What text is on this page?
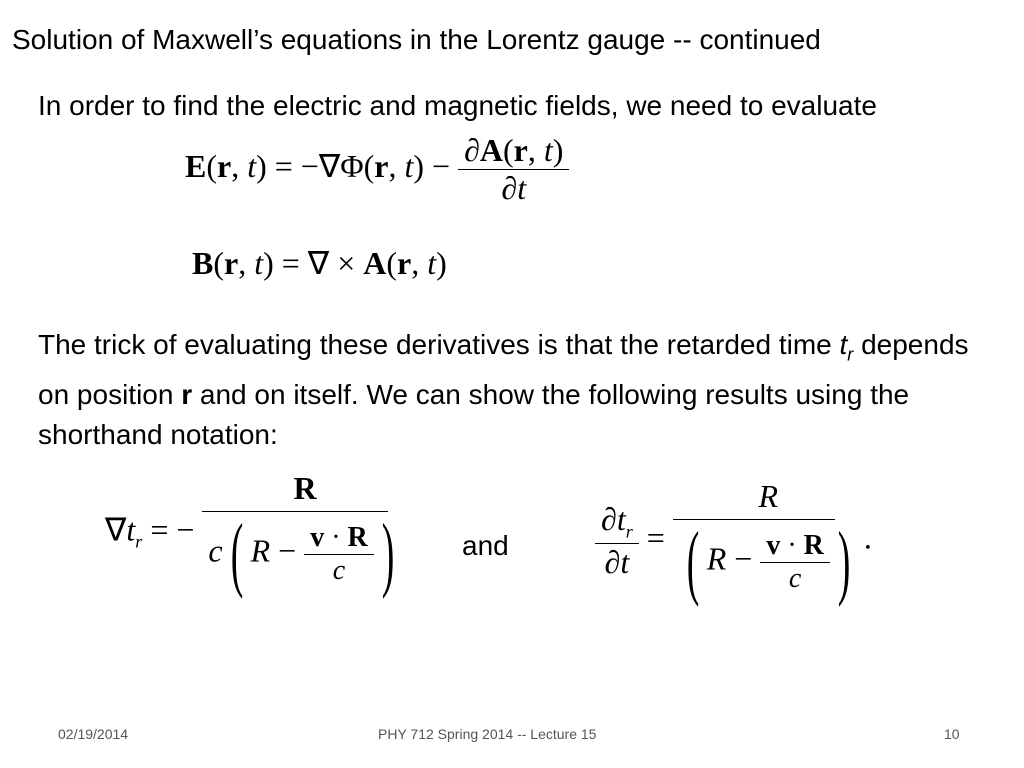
Solution of Maxwell’s equations in the Lorentz gauge -- continued
In order to find the electric and magnetic fields, we need to evaluate
E(r, t) = −∇Φ(r, $t) - \frac{\partial A(r, t)}{\partial t}$
B(r, t) = ∇ × A(r, t)
The trick of evaluating these derivatives is that the retarded time $t_r$ depends on position r and on itself. We can show the following results using the shorthand notation:
$\nabla t_r$ = − $\frac{R}{c( R - \frac{v \cdot R}{c} )}$ and	$\frac{\partial t_r}{\partial t} = \frac{R}{( R - \frac{v \cdot R}{c} )}$ .
02/19/2014	PHY 712 Spring 2014 -- Lecture 15	10
